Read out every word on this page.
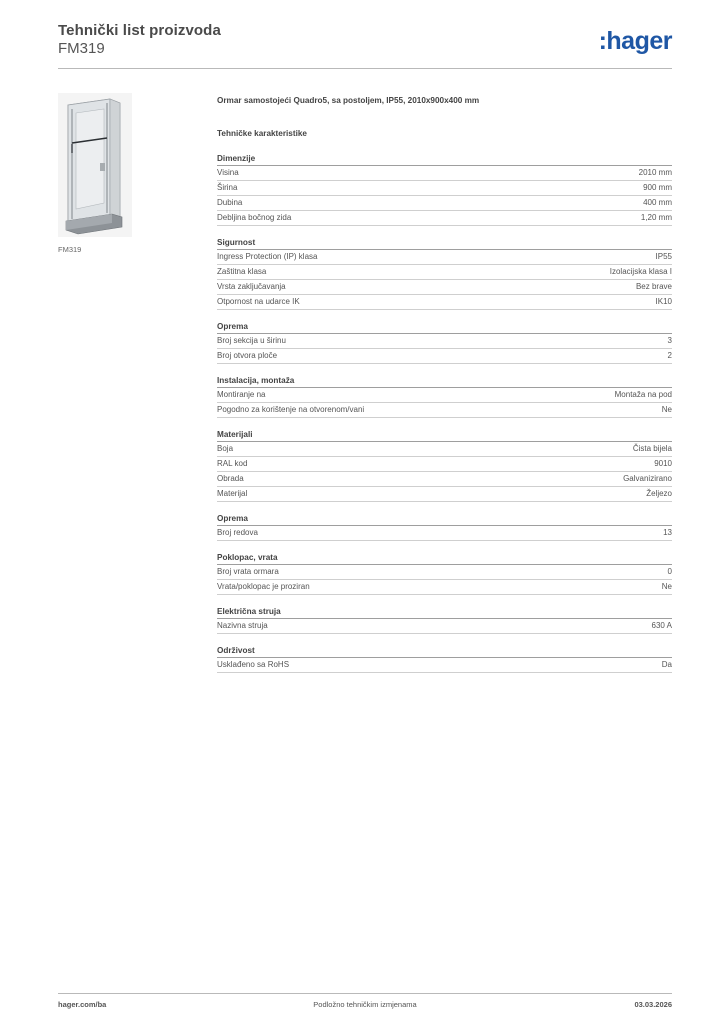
Tehnički list proizvoda
FM319	:hager
FM319
Ormar samostojeći Quadro5, sa postoljem, IP55, 2010x900x400 mm
Tehničke karakteristike
Dimenzije
Visina	2010 mm
Širina	900 mm
Dubina	400 mm
Debljina bočnog zida	1,20 mm
Sigurnost
Ingress Protection (IP) klasa	IP55
Zaštitna klasa	Izolacijska klasa I
Vrsta zaključavanja	Bez brave
Otpornost na udarce IK	IK10
Oprema
Broj sekcija u širinu	3
Broj otvora ploče	2
Instalacija, montaža
Montiranje na	Montaža na pod
Pogodno za korištenje na otvorenom/vani	Ne
Materijali
Boja	Čista bijela
RAL kod	9010
Obrada	Galvanizirano
Materijal	Željezo
Oprema
Broj redova	13
Poklopac, vrata
Broj vrata ormara	0
Vrata/poklopac je proziran	Ne
Električna struja
Nazivna struja	630 A
Održivost
Usklađeno sa RoHS	Da
hager.com/ba	Podložno tehničkim izmjenama	03.03.2026
